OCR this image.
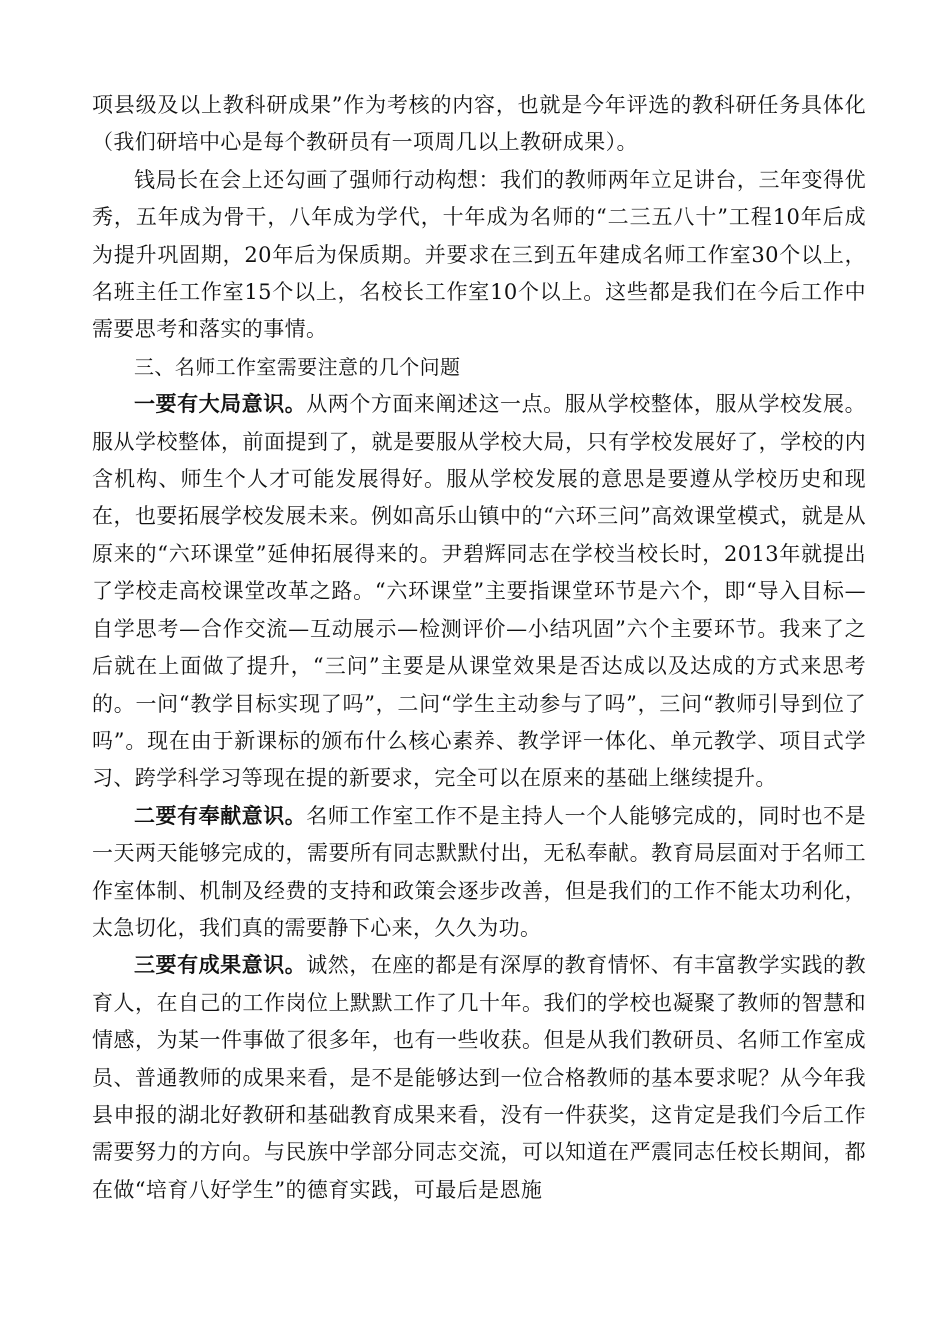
项县级及以上教科研成果”作为考核的内容，也就是今年评选的教科研任务具体化（我们研培中心是每个教研员有一项周几以上教研成果）。

钱局长在会上还勾画了强师行动构想：我们的教师两年立足讲台，三年变得优秀，五年成为骨干，八年成为学代，十年成为名师的“二三五八十”工程10年后成为提升巩固期，20年后为保质期。并要求在三到五年建成名师工作室30个以上，名班主任工作室15个以上，名校长工作室10个以上。这些都是我们在今后工作中需要思考和落实的事情。

三、名师工作室需要注意的几个问题

一要有大局意识。从两个方面来阐述这一点。服从学校整体，服从学校发展。服从学校整体，前面提到了，就是要服从学校大局，只有学校发展好了，学校的内含机构、师生个人才可能发展得好。服从学校发展的意思是要遵从学校历史和现在，也要拓展学校发展未来。例如高乐山镇中的“六环三问”高效课堂模式，就是从原来的“六环课堂”延伸拓展得来的。尹碧辉同志在学校当校长时，2013年就提出了学校走高校课堂改革之路。“六环课堂”主要指课堂环节是六个，即“导入目标—自学思考—合作交流—互动展示—检测评价—小结巩固”六个主要环节。我来了之后就在上面做了提升，“三问”主要是从课堂效果是否达成以及达成的方式来思考的。一问“教学目标实现了吗”，二问“学生主动参与了吗”，三问“教师引导到位了吗”。现在由于新课标的颁布什么核心素养、教学评一体化、单元教学、项目式学习、跨学科学习等现在提的新要求，完全可以在原来的基础上继续提升。

二要有奉献意识。名师工作室工作不是主持人一个人能够完成的，同时也不是一天两天能够完成的，需要所有同志默默付出，无私奉献。教育局层面对于名师工作室体制、机制及经费的支持和政策会逐步改善，但是我们的工作不能太功利化，太急切化，我们真的需要静下心来，久久为功。

三要有成果意识。诚然，在座的都是有深厚的教育情怀、有丰富教学实践的教育人，在自己的工作岗位上默默工作了几十年。我们的学校也凝聚了教师的智慧和情感，为某一件事做了很多年，也有一些收获。但是从我们教研员、名师工作室成员、普通教师的成果来看，是不是能够达到一位合格教师的基本要求呢？从今年我县申报的湖北好教研和基础教育成果来看，没有一件获奖，这肯定是我们今后工作需要努力的方向。与民族中学部分同志交流，可以知道在严震同志任校长期间，都在做“培育八好学生”的德育实践，可最后是恩施
